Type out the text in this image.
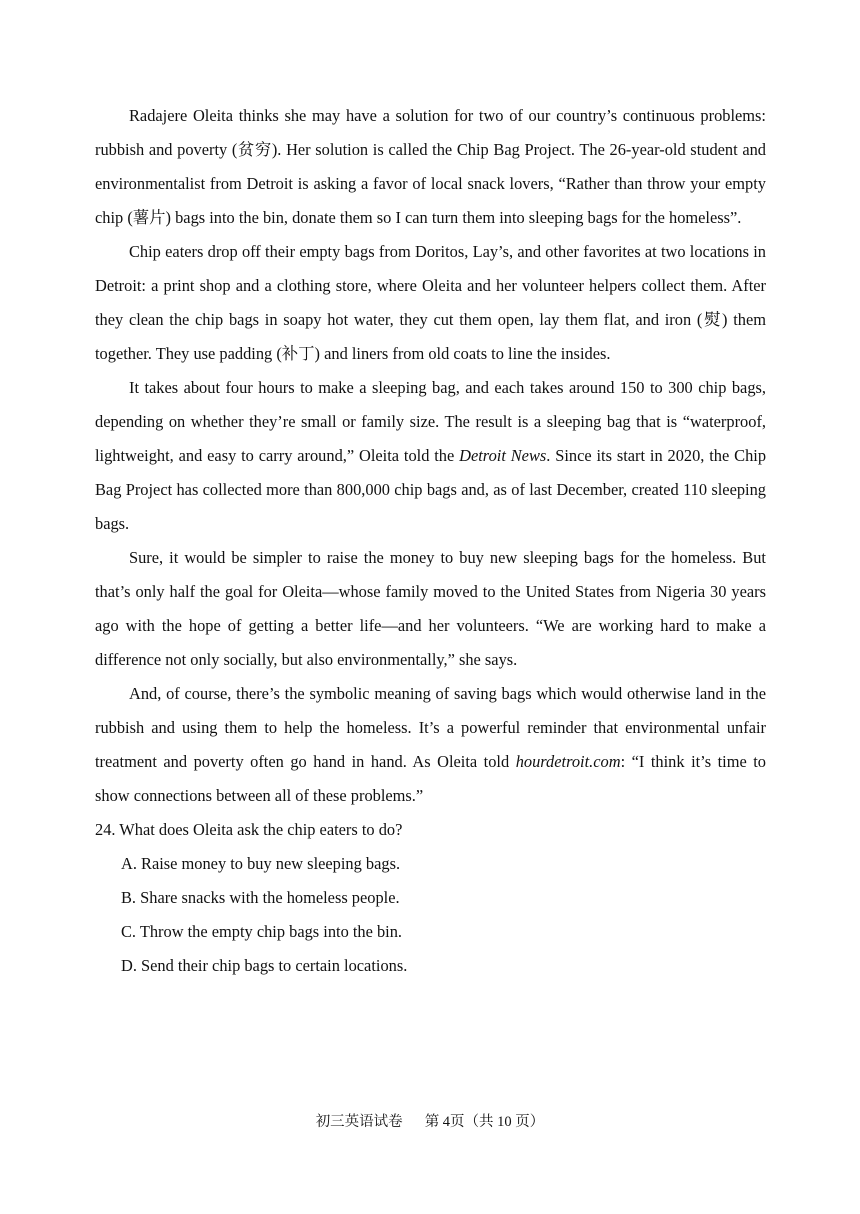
Radajere Oleita thinks she may have a solution for two of our country’s continuous problems: rubbish and poverty (贫穷). Her solution is called the Chip Bag Project. The 26-year-old student and environmentalist from Detroit is asking a favor of local snack lovers, “Rather than throw your empty chip (薯片) bags into the bin, donate them so I can turn them into sleeping bags for the homeless”.

Chip eaters drop off their empty bags from Doritos, Lay’s, and other favorites at two locations in Detroit: a print shop and a clothing store, where Oleita and her volunteer helpers collect them. After they clean the chip bags in soapy hot water, they cut them open, lay them flat, and iron (熨) them together. They use padding (补丁) and liners from old coats to line the insides.

It takes about four hours to make a sleeping bag, and each takes around 150 to 300 chip bags, depending on whether they’re small or family size. The result is a sleeping bag that is “waterproof, lightweight, and easy to carry around,” Oleita told the Detroit News. Since its start in 2020, the Chip Bag Project has collected more than 800,000 chip bags and, as of last December, created 110 sleeping bags.

Sure, it would be simpler to raise the money to buy new sleeping bags for the homeless. But that’s only half the goal for Oleita—whose family moved to the United States from Nigeria 30 years ago with the hope of getting a better life—and her volunteers. “We are working hard to make a difference not only socially, but also environmentally,” she says.

And, of course, there’s the symbolic meaning of saving bags which would otherwise land in the rubbish and using them to help the homeless. It’s a powerful reminder that environmental unfair treatment and poverty often go hand in hand. As Oleita told hourdetroit.com: “I think it’s time to show connections between all of these problems.”

24. What does Oleita ask the chip eaters to do?

A. Raise money to buy new sleeping bags.

B. Share snacks with the homeless people.

C. Throw the empty chip bags into the bin.

D. Send their chip bags to certain locations.

初三英语试卷 第 4页（共 10 页）
